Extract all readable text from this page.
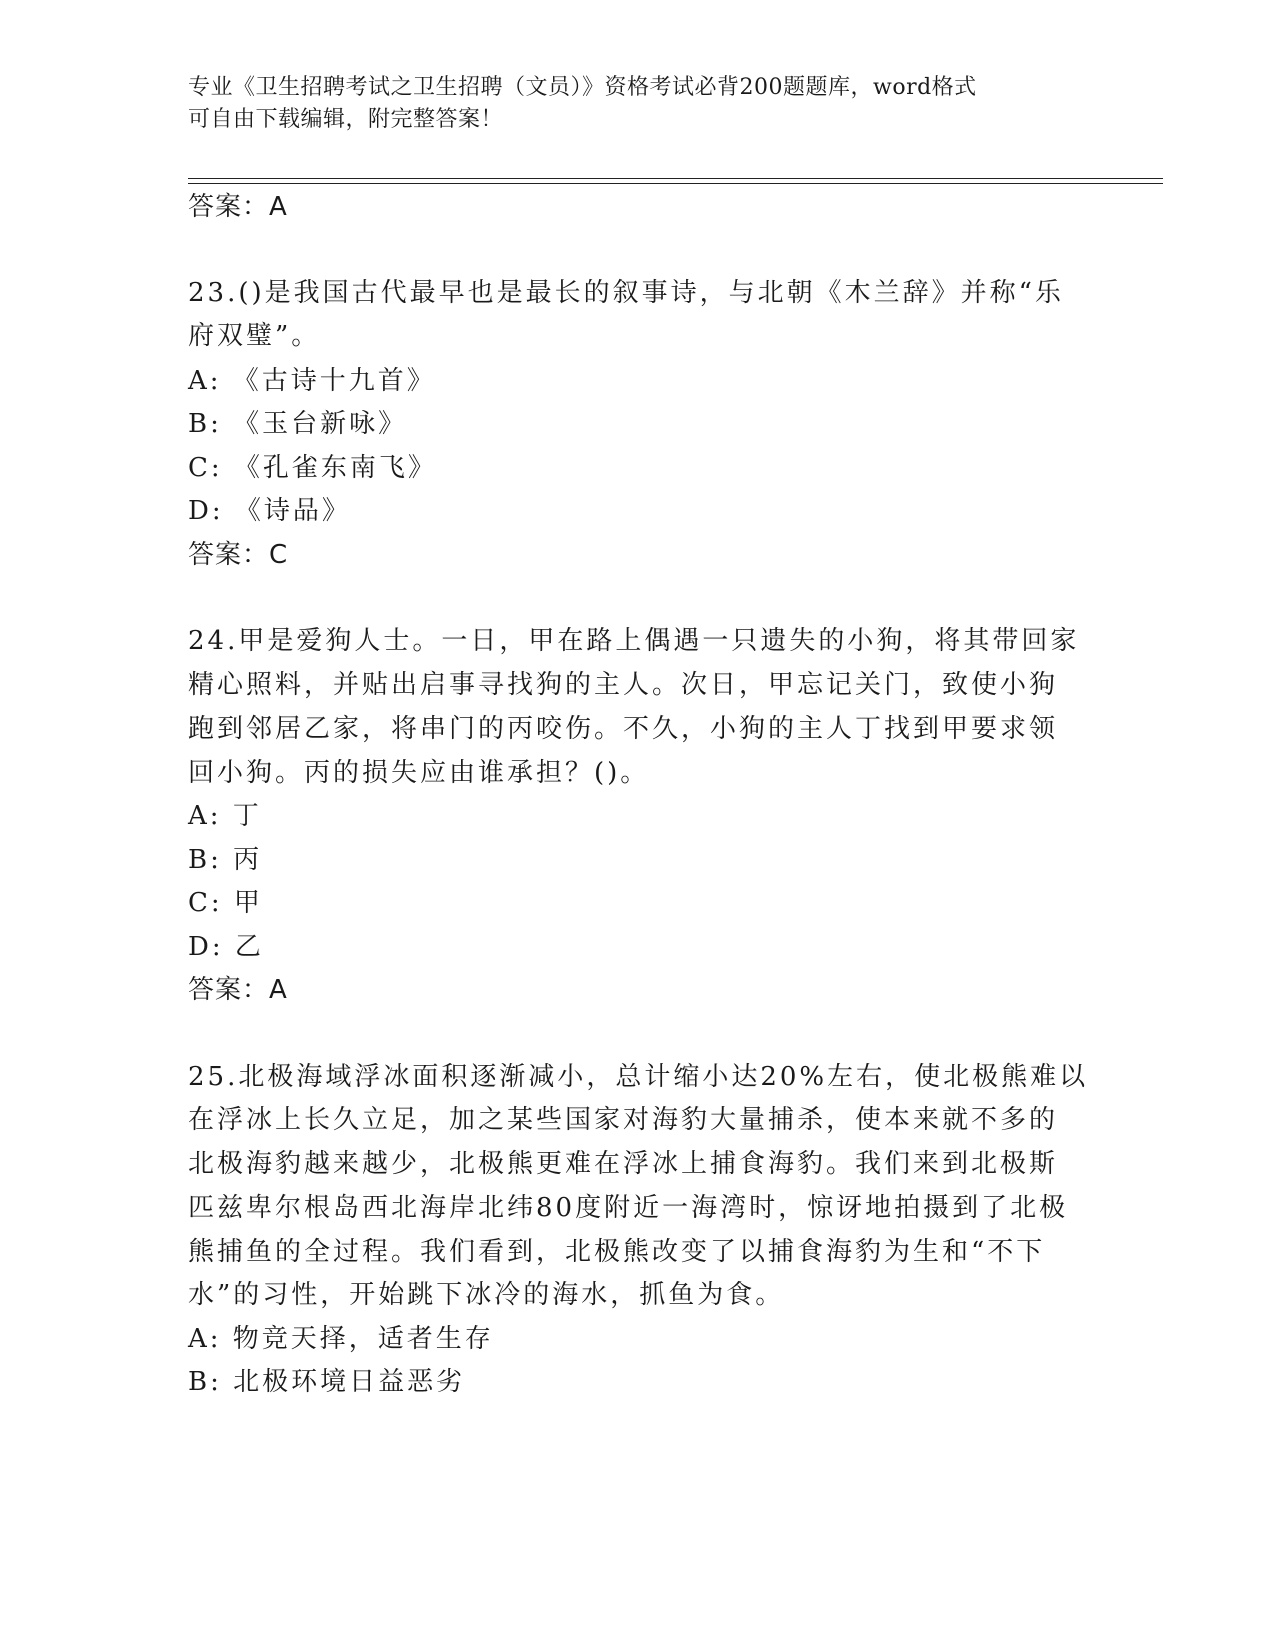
专业《卫生招聘考试之卫生招聘（文员）》资格考试必背200题题库，word格式
可自由下载编辑，附完整答案！
答案：A
23.()是我国古代最早也是最长的叙事诗，与北朝《木兰辞》并称“乐
府双璧”。
A: 《古诗十九首》
B: 《玉台新咏》
C: 《孔雀东南飞》
D: 《诗品》
答案：C
24.甲是爱狗人士。一日，甲在路上偶遇一只遗失的小狗，将其带回家
精心照料，并贴出启事寻找狗的主人。次日，甲忘记关门，致使小狗
跑到邻居乙家，将串门的丙咬伤。不久，小狗的主人丁找到甲要求领
回小狗。丙的损失应由谁承担？()。
A: 丁
B: 丙
C: 甲
D: 乙
答案：A
25.北极海域浮冰面积逐渐减小，总计缩小达20%左右，使北极熊难以
在浮冰上长久立足，加之某些国家对海豹大量捕杀，使本来就不多的
北极海豹越来越少，北极熊更难在浮冰上捕食海豹。我们来到北极斯
匹兹卑尔根岛西北海岸北纬80度附近一海湾时，惊讶地拍摄到了北极
熊捕鱼的全过程。我们看到，北极熊改变了以捕食海豹为生和“不下
水”的习性，开始跳下冰冷的海水，抓鱼为食。
A: 物竞天择，适者生存
B: 北极环境日益恶劣
